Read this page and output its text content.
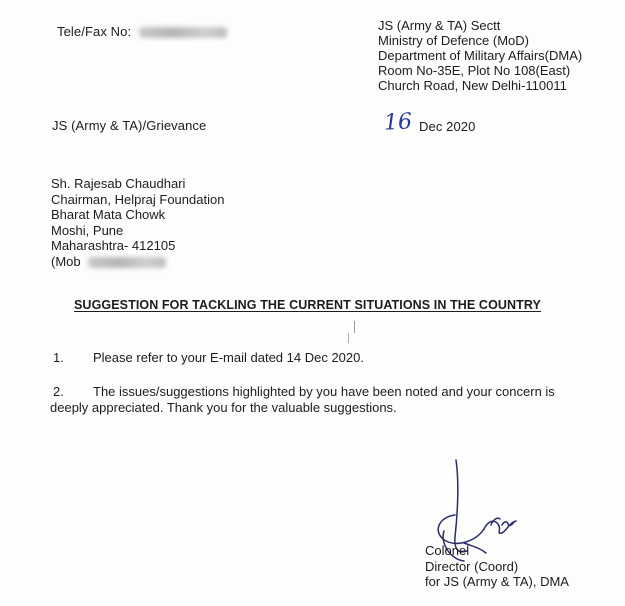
Tele/Fax No:	JS (Army & TA) Sectt
Ministry of Defence (MoD)
Department of Military Affairs(DMA)
Room No-35E, Plot No 108(East)
Church Road, New Delhi-110011
JS (Army & TA)/Grievance	16 Dec 2020
Sh. Rajesab Chaudhari
Chairman, Helpraj Foundation
Bharat Mata Chowk
Moshi, Pune
Maharashtra- 412105
(Mob
SUGGESTION FOR TACKLING THE CURRENT SITUATIONS IN THE COUNTRY
1. Please refer to your E-mail dated 14 Dec 2020.
2. The issues/suggestions highlighted by you have been noted and your concern is
deeply appreciated. Thank you for the valuable suggestions.
Colonel
Director (Coord)
for JS (Army & TA), DMA
